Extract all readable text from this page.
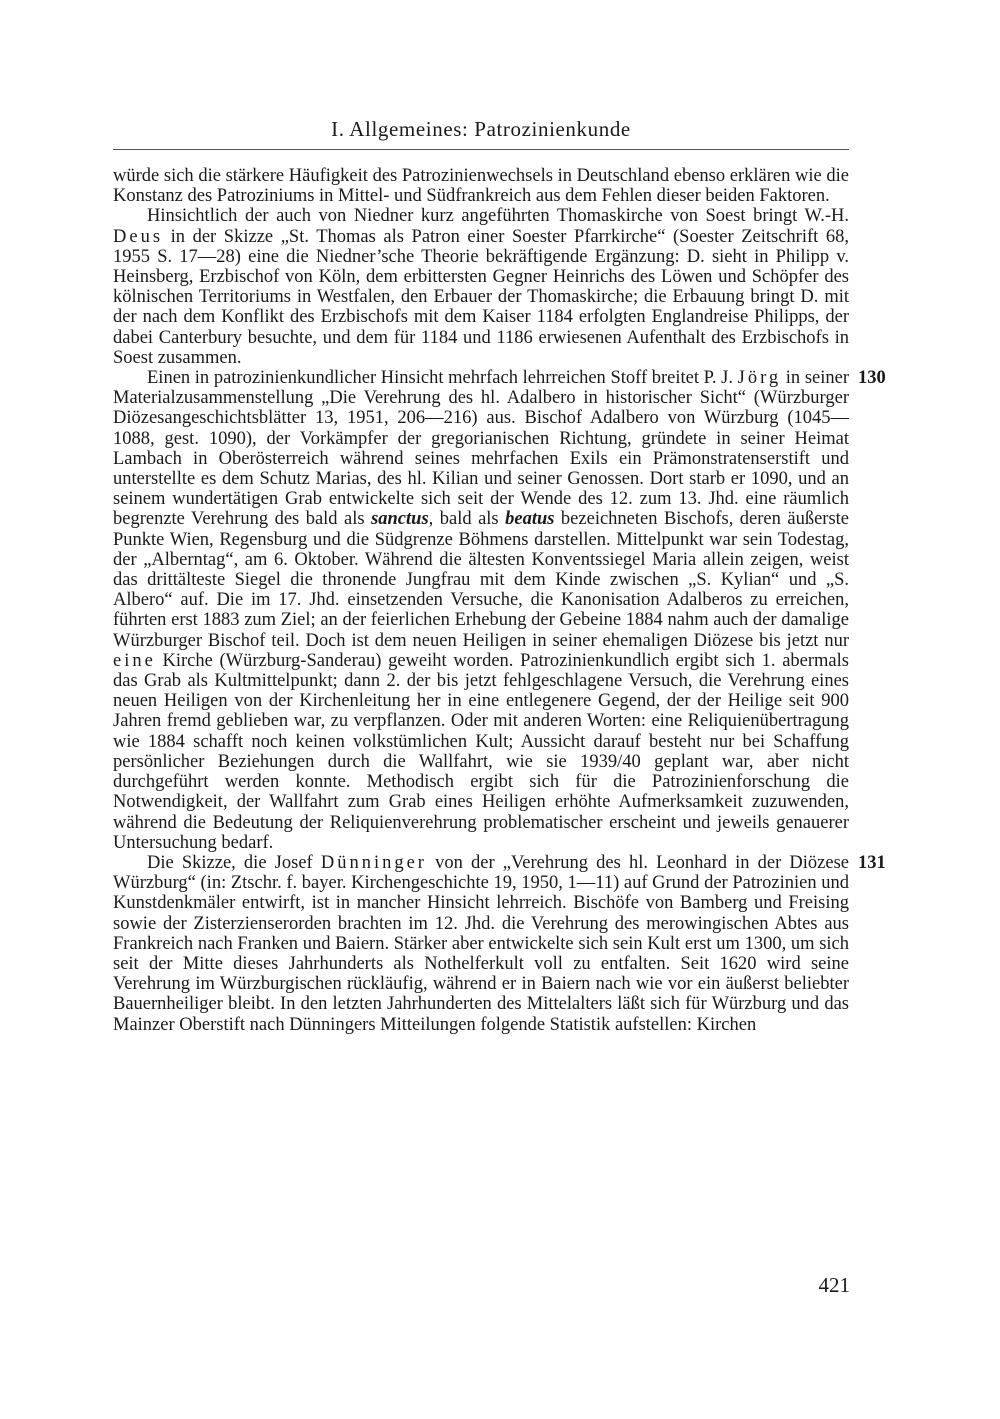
I. Allgemeines: Patrozinienkunde

würde sich die stärkere Häufigkeit des Patrozinienwechsels in Deutschland ebenso erklären wie die Konstanz des Patroziniums in Mittel- und Südfrankreich aus dem Fehlen dieser beiden Faktoren.

Hinsichtlich der auch von Niedner kurz angeführten Thomaskirche von Soest bringt W.-H. Deus in der Skizze „St. Thomas als Patron einer Soester Pfarrkirche“ (Soester Zeitschrift 68, 1955 S. 17—28) eine die Niedner’sche Theorie bekräftigende Ergänzung: D. sieht in Philipp v. Heinsberg, Erzbischof von Köln, dem erbittersten Gegner Heinrichs des Löwen und Schöpfer des kölnischen Territoriums in Westfalen, den Erbauer der Thomaskirche; die Erbauung bringt D. mit der nach dem Konflikt des Erzbischofs mit dem Kaiser 1184 erfolgten Englandreise Philipps, der dabei Canterbury besuchte, und dem für 1184 und 1186 erwiesenen Aufenthalt des Erzbischofs in Soest zusammen.

130
Einen in patrozinienkundlicher Hinsicht mehrfach lehrreichen Stoff breitet P. J. Jörg in seiner Materialzusammenstellung „Die Verehrung des hl. Adalbero in historischer Sicht“ (Würzburger Diözesangeschichtsblätter 13, 1951, 206—216) aus. Bischof Adalbero von Würzburg (1045—1088, gest. 1090), der Vorkämpfer der gregorianischen Richtung, gründete in seiner Heimat Lambach in Oberösterreich während seines mehrfachen Exils ein Prämonstratenserstift und unterstellte es dem Schutz Marias, des hl. Kilian und seiner Genossen. Dort starb er 1090, und an seinem wundertätigen Grab entwickelte sich seit der Wende des 12. zum 13. Jhd. eine räumlich begrenzte Verehrung des bald als sanctus, bald als beatus bezeichneten Bischofs, deren äußerste Punkte Wien, Regensburg und die Südgrenze Böhmens darstellen. Mittelpunkt war sein Todestag, der „Alberntag“, am 6. Oktober. Während die ältesten Konventssiegel Maria allein zeigen, weist das drittälteste Siegel die thronende Jungfrau mit dem Kinde zwischen „S. Kylian“ und „S. Albero“ auf. Die im 17. Jhd. einsetzenden Versuche, die Kanonisation Adalberos zu erreichen, führten erst 1883 zum Ziel; an der feierlichen Erhebung der Gebeine 1884 nahm auch der damalige Würzburger Bischof teil. Doch ist dem neuen Heiligen in seiner ehemaligen Diözese bis jetzt nur eine Kirche (Würzburg-Sanderau) geweiht worden. Patrozinienkundlich ergibt sich 1. abermals das Grab als Kultmittelpunkt; dann 2. der bis jetzt fehlgeschlagene Versuch, die Verehrung eines neuen Heiligen von der Kirchenleitung her in eine entlegenere Gegend, der der Heilige seit 900 Jahren fremd geblieben war, zu verpflanzen. Oder mit anderen Worten: eine Reliquienübertragung wie 1884 schafft noch keinen volkstümlichen Kult; Aussicht darauf besteht nur bei Schaffung persönlicher Beziehungen durch die Wallfahrt, wie sie 1939/40 geplant war, aber nicht durchgeführt werden konnte. Methodisch ergibt sich für die Patrozinienforschung die Notwendigkeit, der Wallfahrt zum Grab eines Heiligen erhöhte Aufmerksamkeit zuzuwenden, während die Bedeutung der Reliquienverehrung problematischer erscheint und jeweils genauerer Untersuchung bedarf.

131
Die Skizze, die Josef Dünninger von der „Verehrung des hl. Leonhard in der Diözese Würzburg“ (in: Ztschr. f. bayer. Kirchengeschichte 19, 1950, 1—11) auf Grund der Patrozinien und Kunstdenkmäler entwirft, ist in mancher Hinsicht lehrreich. Bischöfe von Bamberg und Freising sowie der Zisterzienserorden brachten im 12. Jhd. die Verehrung des merowingischen Abtes aus Frankreich nach Franken und Baiern. Stärker aber entwickelte sich sein Kult erst um 1300, um sich seit der Mitte dieses Jahrhunderts als Nothelferkult voll zu entfalten. Seit 1620 wird seine Verehrung im Würzburgischen rückläufig, während er in Baiern nach wie vor ein äußerst beliebter Bauernheiliger bleibt. In den letzten Jahrhunderten des Mittelalters läßt sich für Würzburg und das Mainzer Oberstift nach Dünningers Mitteilungen folgende Statistik aufstellen: Kirchen

421
